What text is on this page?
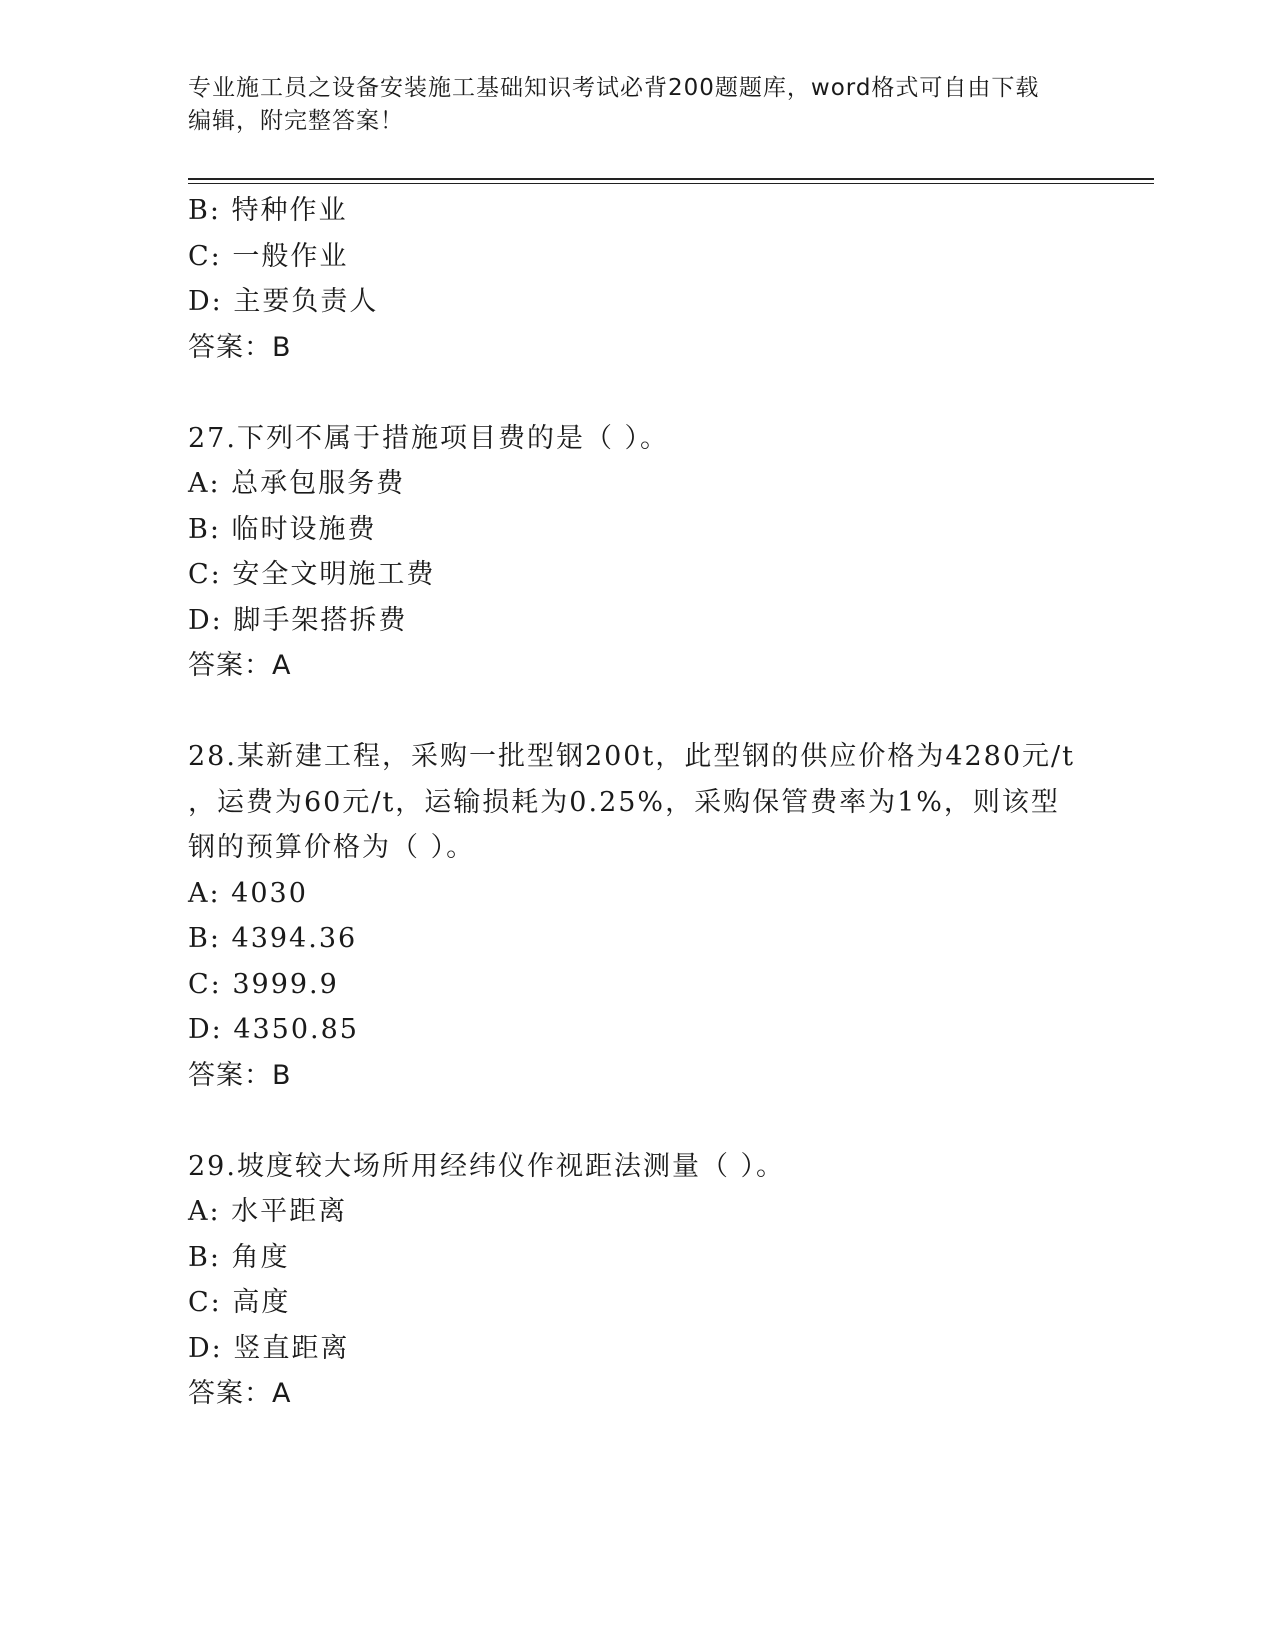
专业施工员之设备安装施工基础知识考试必背200题题库，word格式可自由下载
编辑，附完整答案！
B: 特种作业
C: 一般作业
D: 主要负责人
答案：B
27.下列不属于措施项目费的是（ ）。
A: 总承包服务费
B: 临时设施费
C: 安全文明施工费
D: 脚手架搭拆费
答案：A
28.某新建工程，采购一批型钢200t，此型钢的供应价格为4280元/t
，运费为60元/t，运输损耗为0.25%，采购保管费率为1%，则该型
钢的预算价格为（ ）。
A: 4030
B: 4394.36
C: 3999.9
D: 4350.85
答案：B
29.坡度较大场所用经纬仪作视距法测量（ ）。
A: 水平距离
B: 角度
C: 高度
D: 竖直距离
答案：A
